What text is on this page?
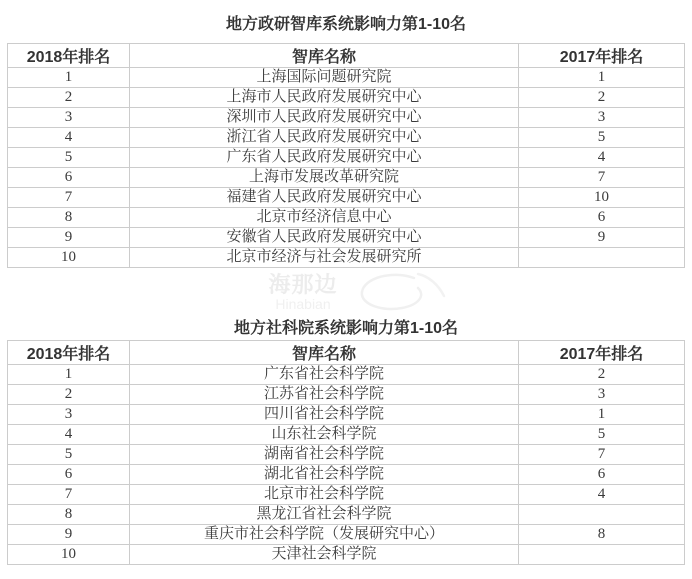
海那边
Hinabian
地方政研智库系统影响力第1-10名
2018年排名	智库名称	2017年排名
1	上海国际问题研究院	1
2	上海市人民政府发展研究中心	2
3	深圳市人民政府发展研究中心	3
4	浙江省人民政府发展研究中心	5
5	广东省人民政府发展研究中心	4
6	上海市发展改革研究院	7
7	福建省人民政府发展研究中心	10
8	北京市经济信息中心	6
9	安徽省人民政府发展研究中心	9
10	北京市经济与社会发展研究所	
地方社科院系统影响力第1-10名
2018年排名	智库名称	2017年排名
1	广东省社会科学院	2
2	江苏省社会科学院	3
3	四川省社会科学院	1
4	山东社会科学院	5
5	湖南省社会科学院	7
6	湖北省社会科学院	6
7	北京市社会科学院	4
8	黑龙江省社会科学院	
9	重庆市社会科学院（发展研究中心）	8
10	天津社会科学院	
